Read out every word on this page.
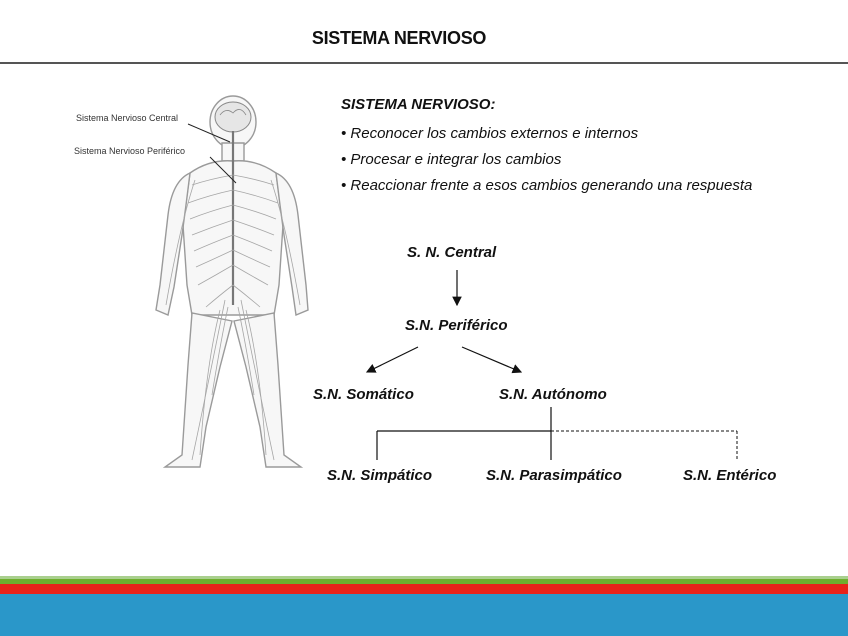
SISTEMA NERVIOSO
Sistema Nervioso Central
Sistema Nervioso Periférico
SISTEMA NERVIOSO:
• Reconocer los cambios externos e internos
• Procesar e integrar los cambios
• Reaccionar frente a esos cambios generando una respuesta
S. N. Central
S.N. Periférico
S.N. Somático	S.N. Autónomo
S.N. Simpático	S.N. Parasimpático	S.N. Entérico
